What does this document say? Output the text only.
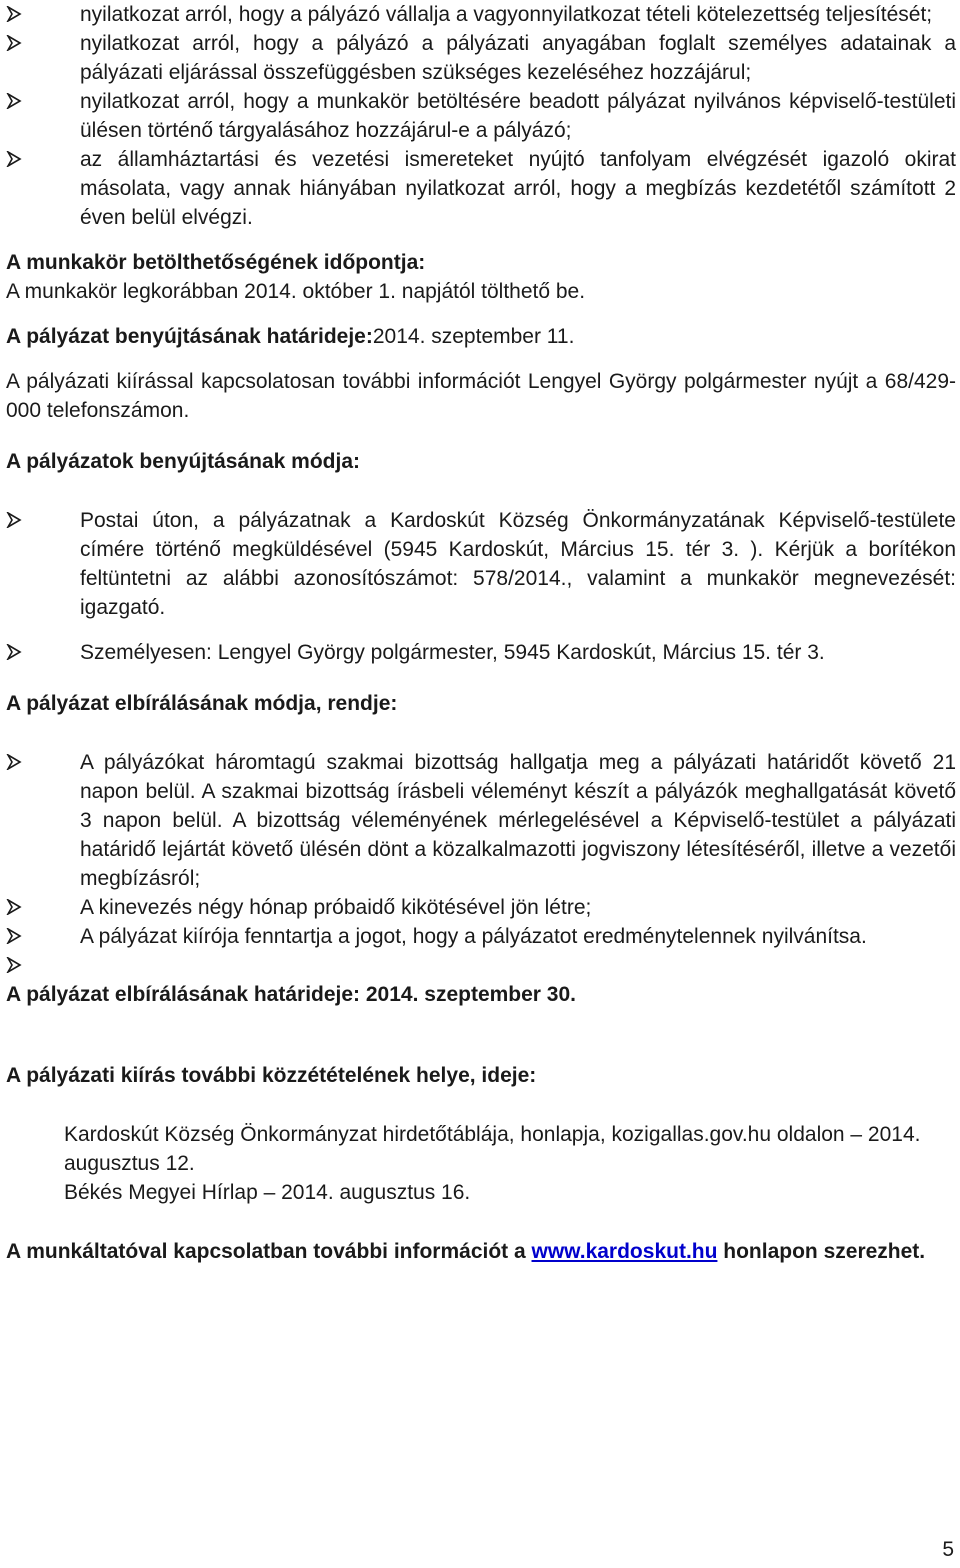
nyilatkozat arról, hogy a pályázó vállalja a vagyonnyilatkozat tételi kötelezettség teljesítését;
nyilatkozat arról, hogy a pályázó a pályázati anyagában foglalt személyes adatainak a pályázati eljárással összefüggésben szükséges kezeléséhez hozzájárul;
nyilatkozat arról, hogy a munkakör betöltésére beadott pályázat nyilvános képviselő-testületi ülésen történő tárgyalásához hozzájárul-e a pályázó;
az államháztartási és vezetési ismereteket nyújtó tanfolyam elvégzését igazoló okirat másolata, vagy annak hiányában nyilatkozat arról, hogy a megbízás kezdetétől számított 2 éven belül elvégzi.

A munkakör betölthetőségének időpontja:

A munkakör legkorábban 2014. október 1. napjától tölthető be.

A pályázat benyújtásának határideje:2014. szeptember 11.

A pályázati kiírással kapcsolatosan további információt Lengyel György polgármester nyújt a 68/429-000 telefonszámon.

A pályázatok benyújtásának módja:

Postai úton, a pályázatnak a Kardoskút Község Önkormányzatának Képviselő-testülete címére történő megküldésével (5945 Kardoskút, Március 15. tér 3. ). Kérjük a borítékon feltüntetni az alábbi azonosítószámot: 578/2014., valamint a munkakör megnevezését: igazgató.
Személyesen: Lengyel György polgármester, 5945 Kardoskút, Március 15. tér 3.

A pályázat elbírálásának módja, rendje:

A pályázókat háromtagú szakmai bizottság hallgatja meg a pályázati határidőt követő 21 napon belül. A szakmai bizottság írásbeli véleményt készít a pályázók meghallgatását követő 3 napon belül. A bizottság véleményének mérlegelésével a Képviselő-testület a pályázati határidő lejártát követő ülésén dönt a közalkalmazotti jogviszony létesítéséről, illetve a vezetői megbízásról;
A kinevezés négy hónap próbaidő kikötésével jön létre;
A pályázat kiírója fenntartja a jogot, hogy a pályázatot eredménytelennek nyilvánítsa.

A pályázat elbírálásának határideje: 2014. szeptember 30.

A pályázati kiírás további közzétételének helye, ideje:

Kardoskút Község Önkormányzat hirdetőtáblája, honlapja, kozigallas.gov.hu oldalon – 2014. augusztus 12.

Békés Megyei Hírlap – 2014. augusztus 16.

A munkáltatóval kapcsolatban további információt a www.kardoskut.hu honlapon szerezhet.

5
